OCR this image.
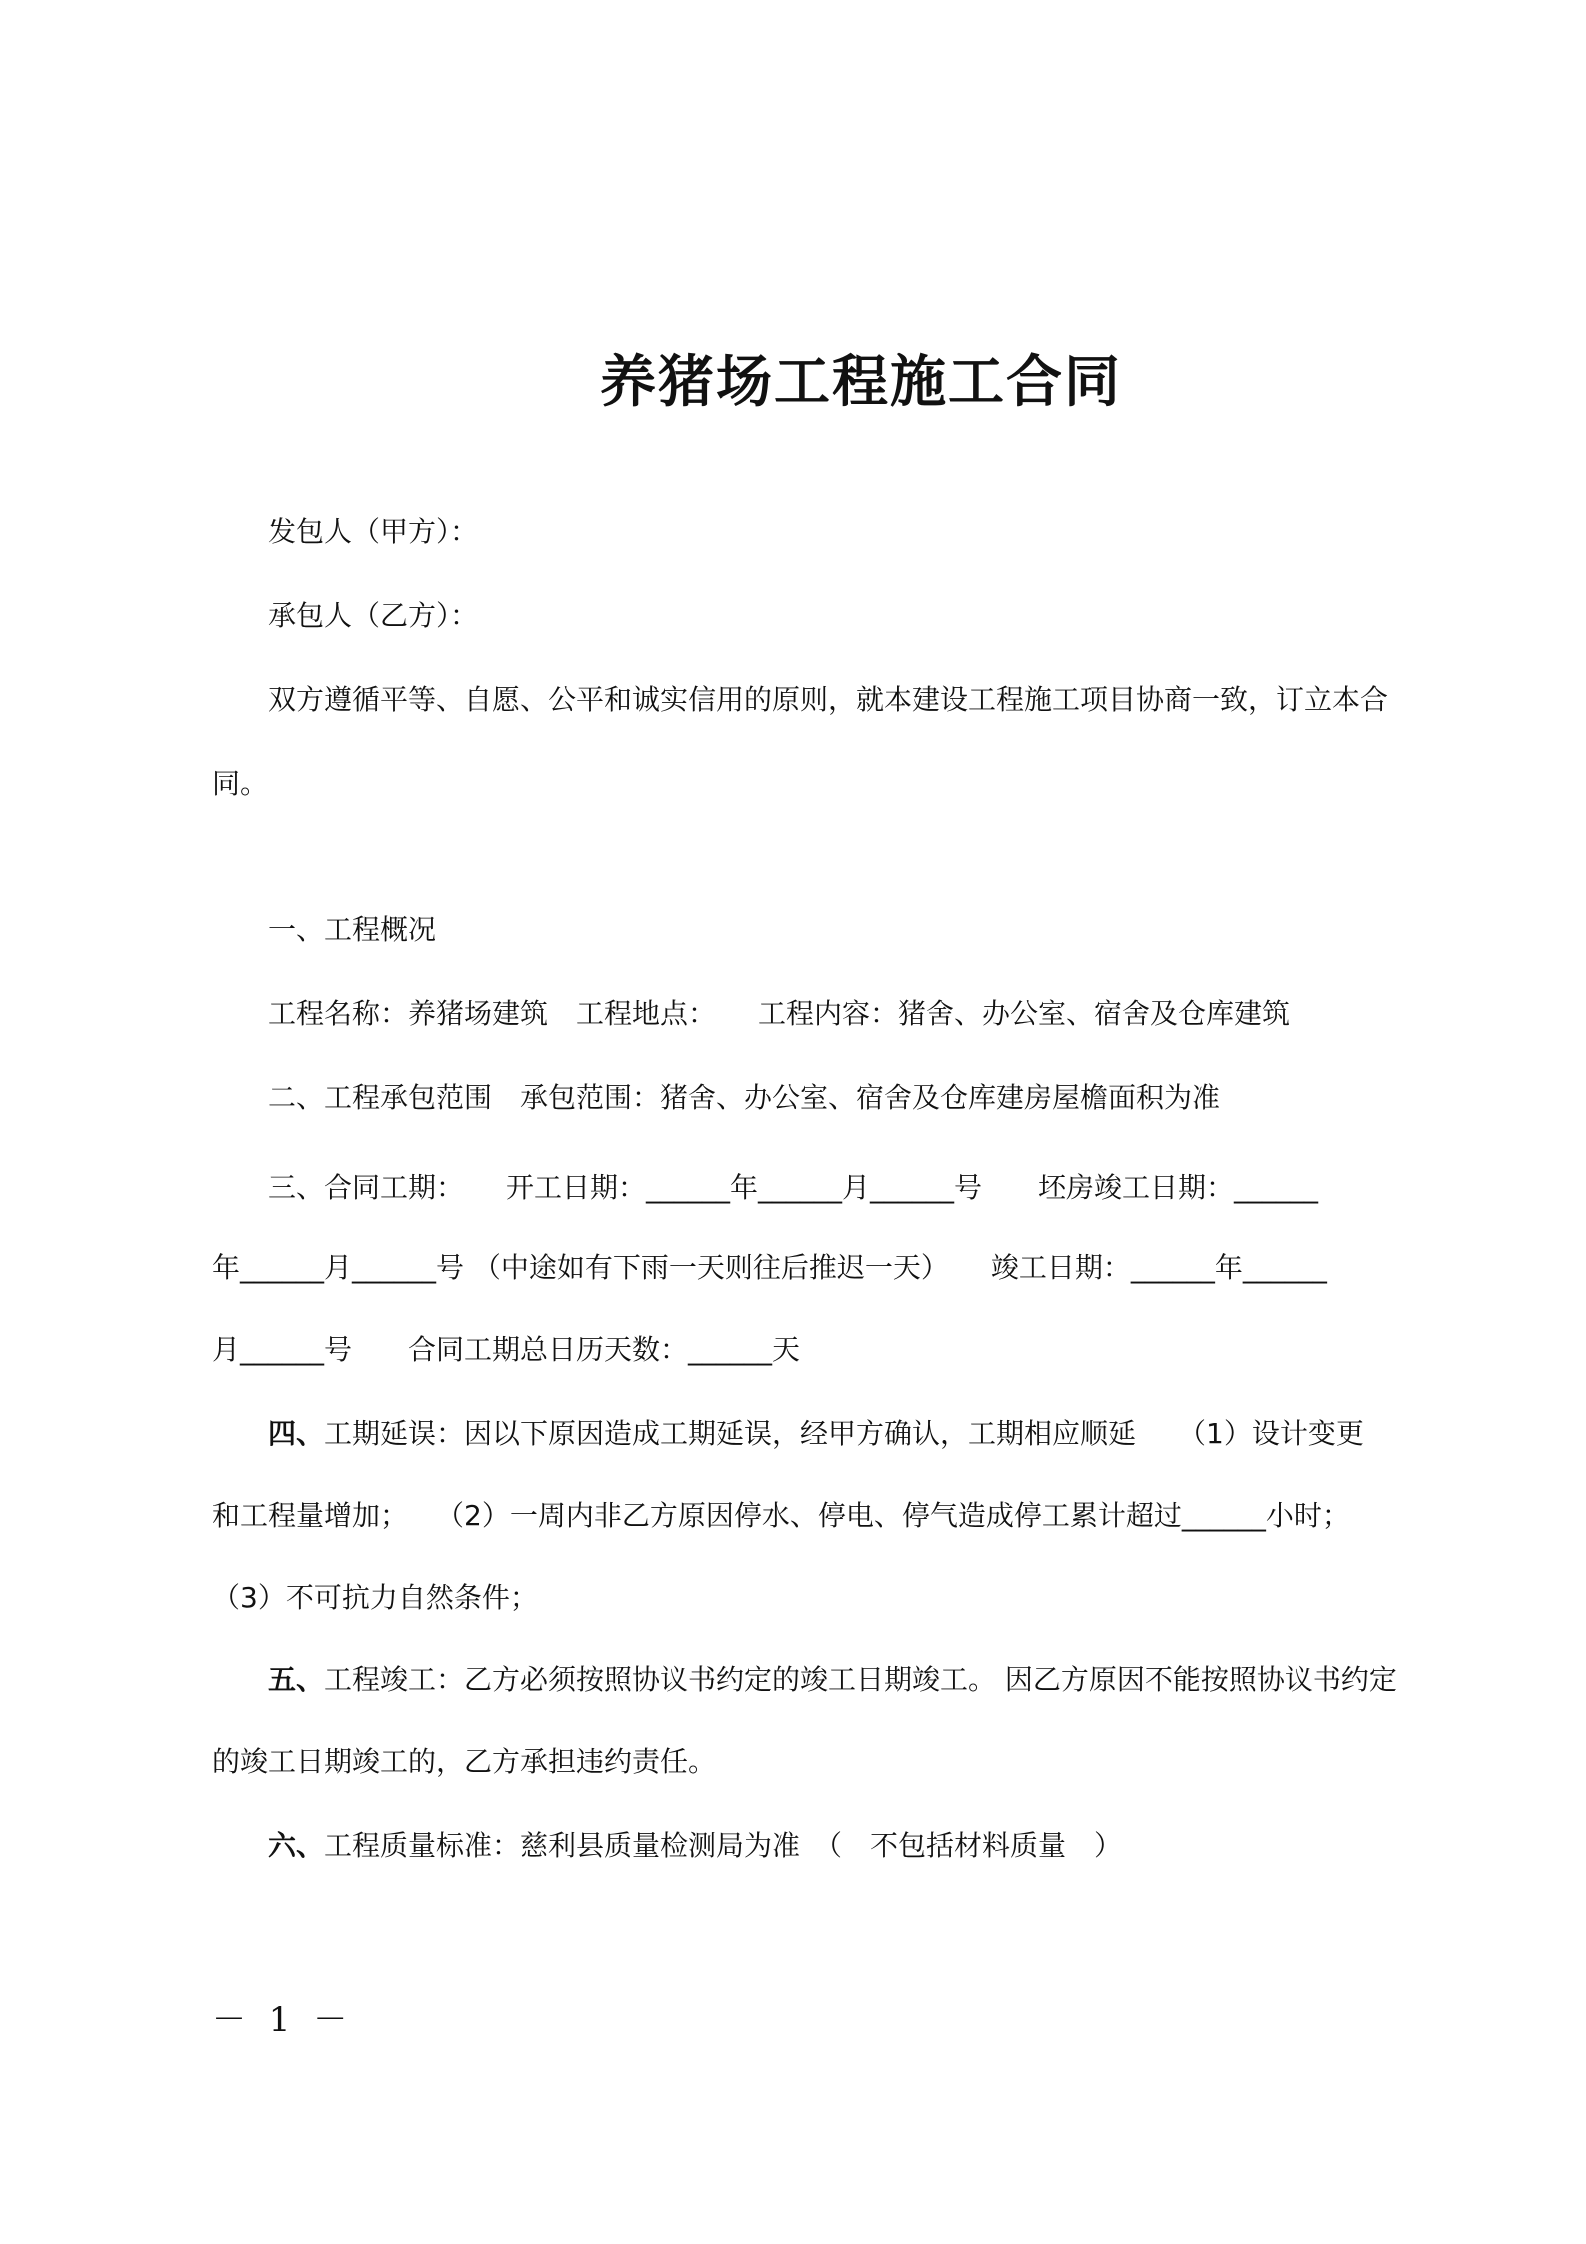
养猪场工程施工合同
发包人（甲方）：
承包人（乙方）：
双方遵循平等、自愿、公平和诚实信用的原则，就本建设工程施工项目协商一致，订立本合
同。
一、工程概况
工程名称：养猪场建筑　工程地点：　　工程内容：猪舍、办公室、宿舍及仓库建筑
二、工程承包范围　承包范围：猪舍、办公室、宿舍及仓库建房屋檐面积为准
三、合同工期：　　开工日期：______年______月______号　　坯房竣工日期：______
年______月______号 （中途如有下雨一天则往后推迟一天）　　竣工日期：______年______
月______号　　合同工期总日历天数：______天
四、工期延误：因以下原因造成工期延误，经甲方确认，工期相应顺延　　（1）设计变更
和工程量增加；　　（2）一周内非乙方原因停水、停电、停气造成停工累计超过______小时；
（3）不可抗力自然条件；
五、工程竣工：乙方必须按照协议书约定的竣工日期竣工。 因乙方原因不能按照协议书约定
的竣工日期竣工的，乙方承担违约责任。
六、工程质量标准：慈利县质量检测局为准　（　不包括材料质量　）
－ 1 －
